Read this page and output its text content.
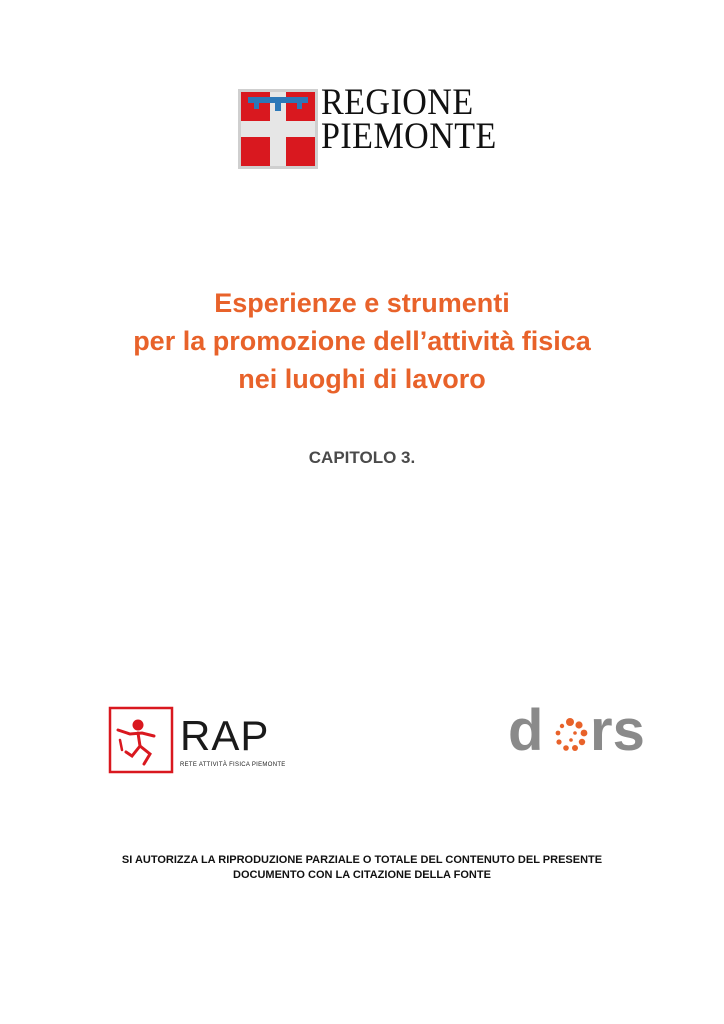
REGIONE
PIEMONTE
Esperienze e strumenti
per la promozione dell’attività fisica
nei luoghi di lavoro
CAPITOLO 3.
RAP
RETE ATTIVITÀ FISICA PIEMONTE
d rs
SI AUTORIZZA LA RIPRODUZIONE PARZIALE O TOTALE DEL CONTENUTO DEL PRESENTE
DOCUMENTO CON LA CITAZIONE DELLA FONTE
